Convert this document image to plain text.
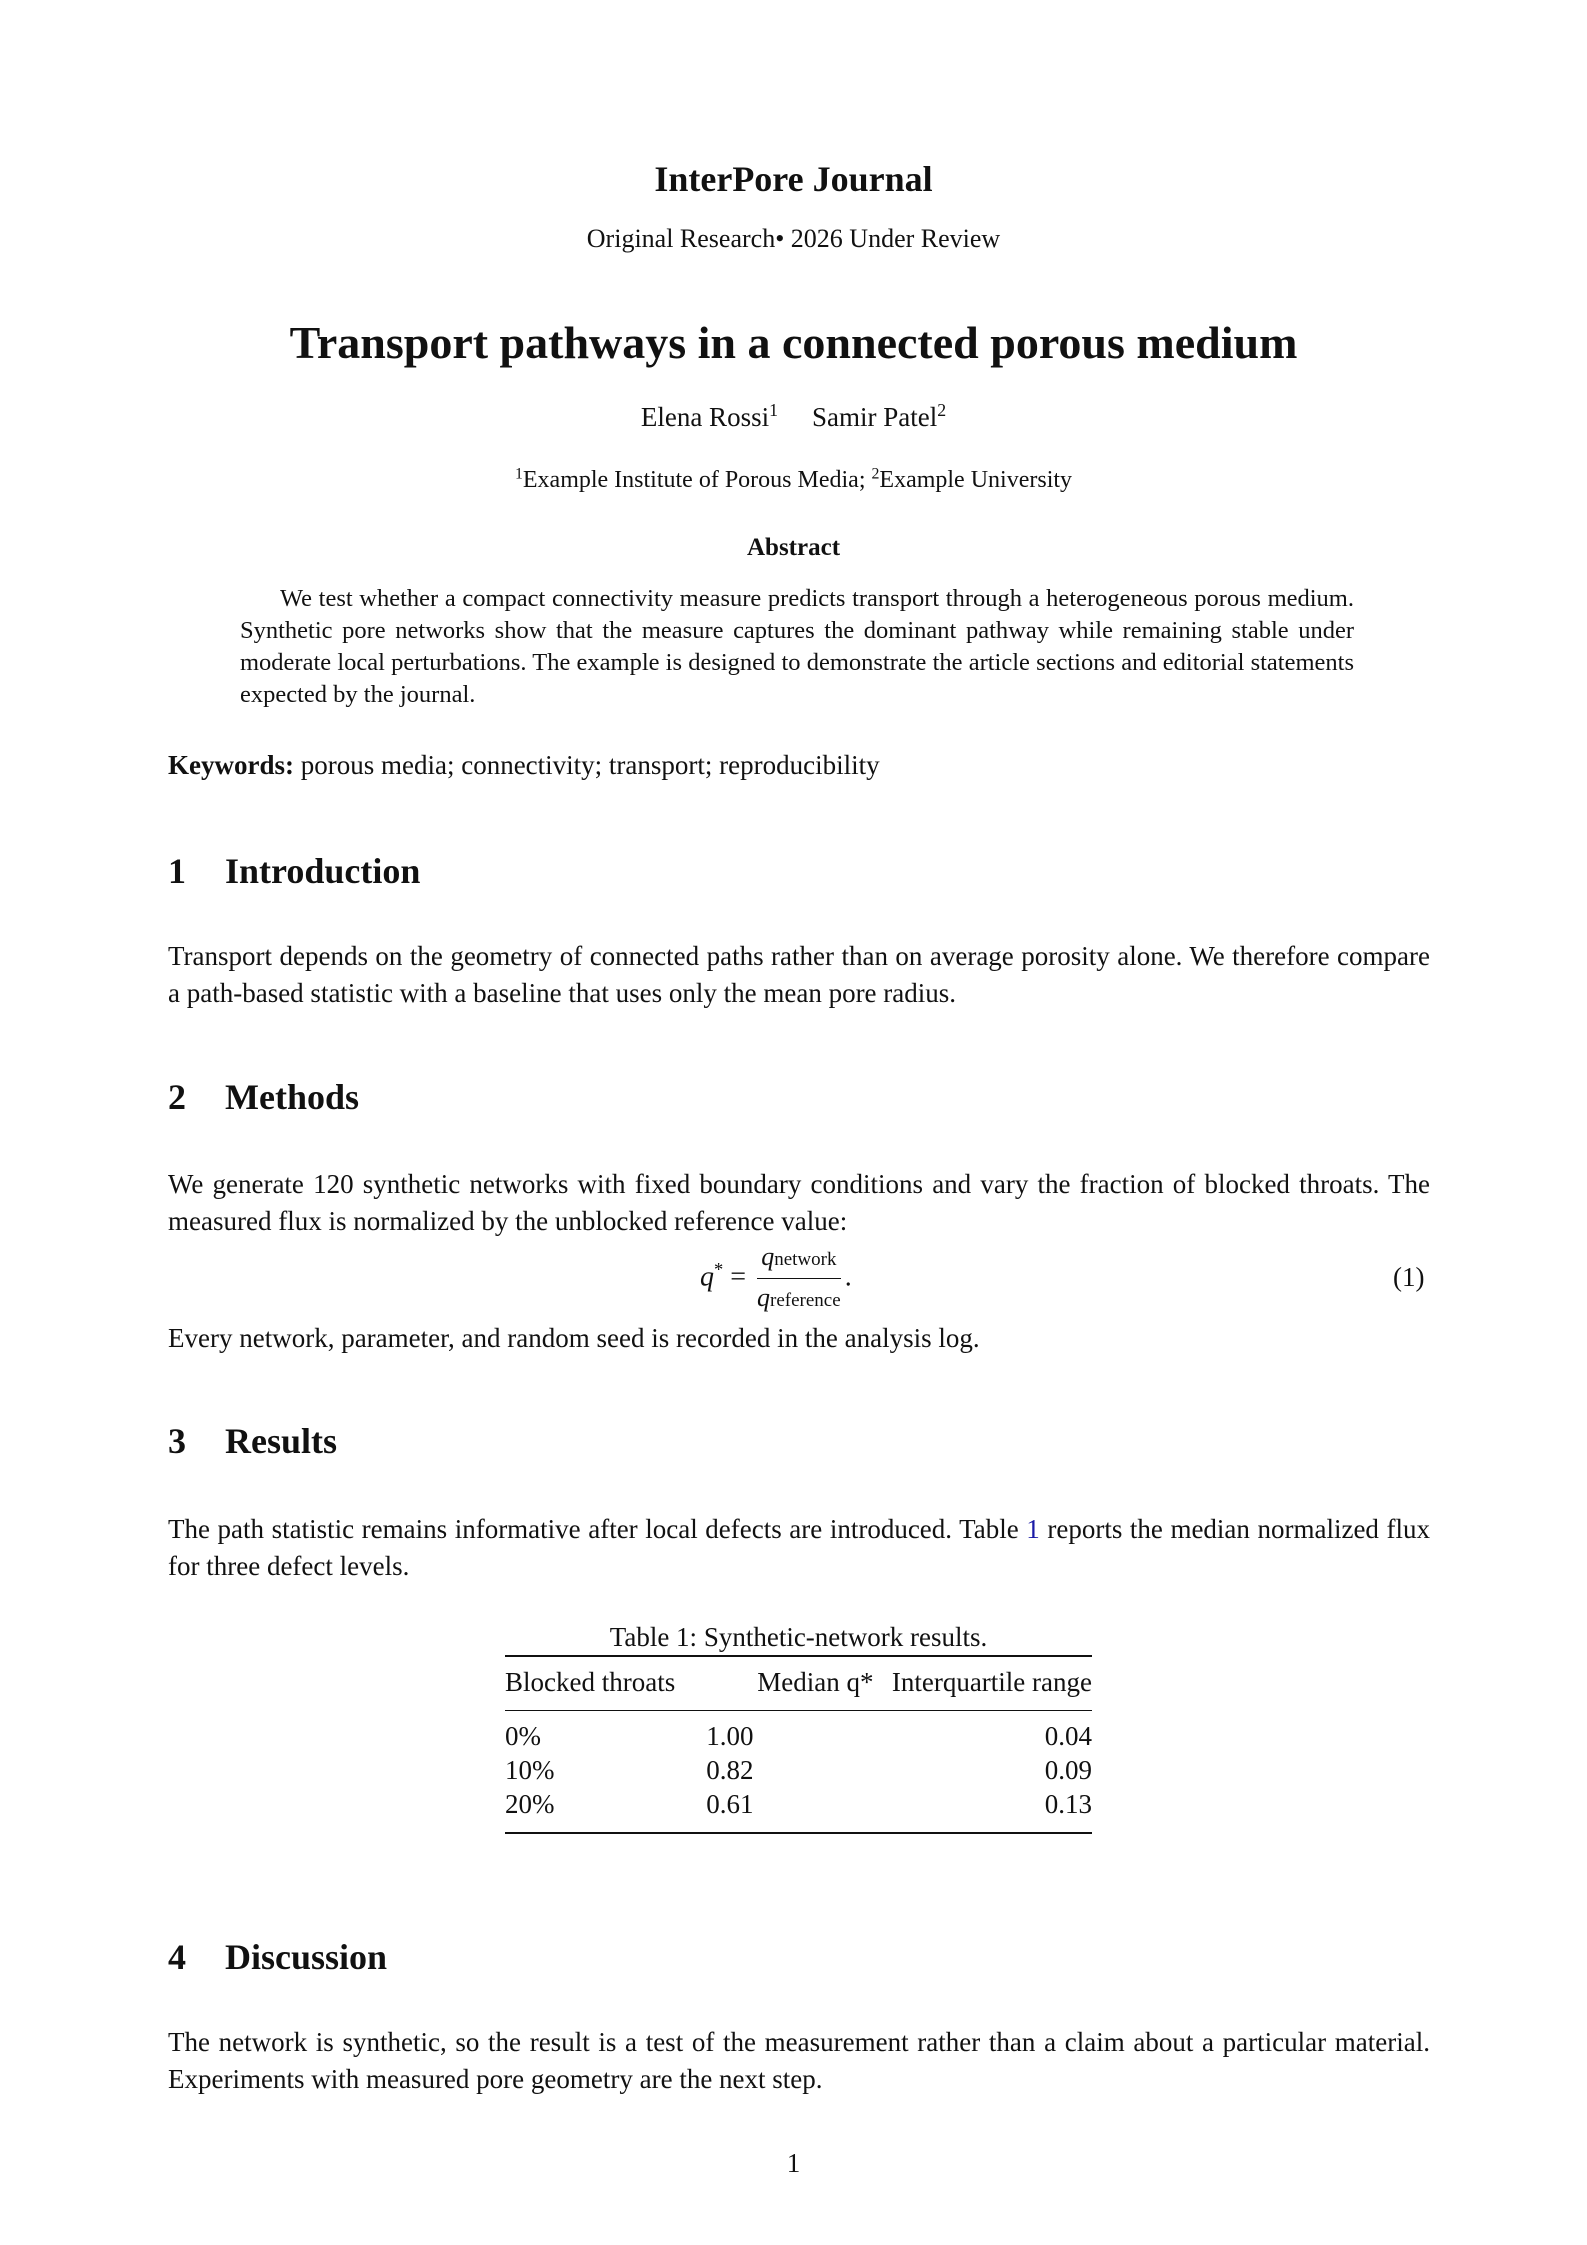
InterPore Journal
Original Research• 2026 Under Review
Transport pathways in a connected porous medium
Elena Rossi$^1$ Samir Patel$^2$
$^1$Example Institute of Porous Media; $^2$Example University
Abstract
We test whether a compact connectivity measure predicts transport through a heterogeneous porous medium. Synthetic pore networks show that the measure captures the dominant pathway while remaining stable under moderate local perturbations. The example is designed to demonstrate the article sections and editorial statements expected by the journal.
Keywords: porous media; connectivity; transport; reproducibility
1 Introduction
Transport depends on the geometry of connected paths rather than on average porosity alone. We therefore compare a path-based statistic with a baseline that uses only the mean pore radius.
2 Methods
We generate 120 synthetic networks with fixed boundary conditions and vary the fraction of blocked throats. The measured flux is normalized by the unblocked reference value:
$q^* = \frac{\text{qnetwork}}{\text{qreference}}$ .	(1)
Every network, parameter, and random seed is recorded in the analysis log.
3 Results
The path statistic remains informative after local defects are introduced. Table 1 reports the median normalized flux for three defect levels.
Table 1: Synthetic-network results.
Blocked throats	Median q*	Interquartile range
0%	1.00	0.04
10%	0.82	0.09
20%	0.61	0.13
4 Discussion
The network is synthetic, so the result is a test of the measurement rather than a claim about a particular material. Experiments with measured pore geometry are the next step.
1
